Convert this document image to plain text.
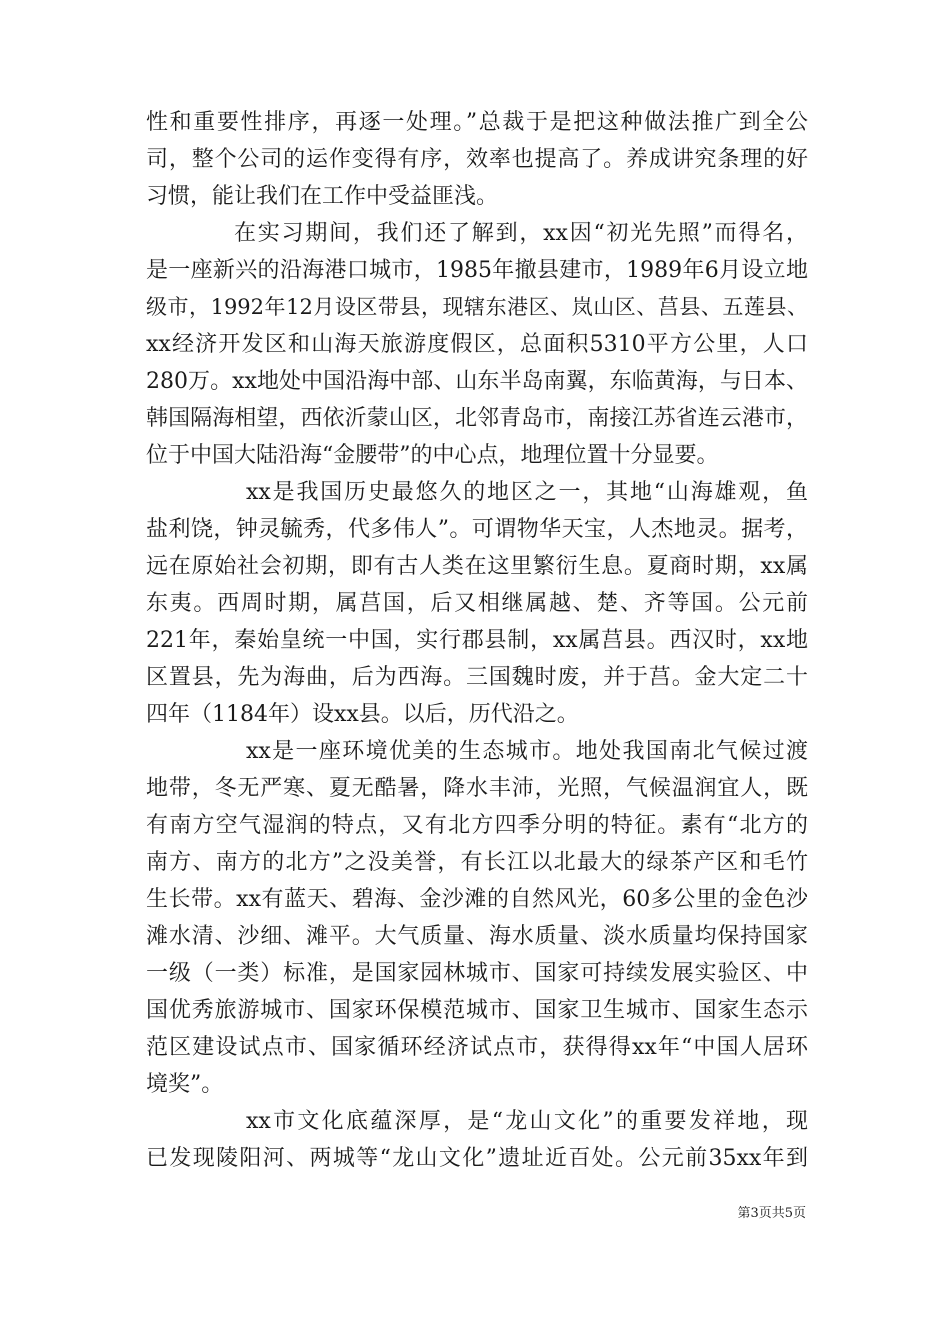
性和重要性排序，再逐一处理。”总裁于是把这种做法推广到全公
司，整个公司的运作变得有序，效率也提高了。养成讲究条理的好
习惯，能让我们在工作中受益匪浅。
在实习期间，我们还了解到，xx因“初光先照”而得名，
是一座新兴的沿海港口城市，1985年撤县建市，1989年6月设立地
级市，1992年12月设区带县，现辖东港区、岚山区、莒县、五莲县、
xx经济开发区和山海天旅游度假区，总面积5310平方公里，人口
280万。xx地处中国沿海中部、山东半岛南翼，东临黄海，与日本、
韩国隔海相望，西依沂蒙山区，北邻青岛市，南接江苏省连云港市，
位于中国大陆沿海“金腰带”的中心点，地理位置十分显要。
xx是我国历史最悠久的地区之一，其地“山海雄观，鱼
盐利饶，钟灵毓秀，代多伟人”。可谓物华天宝，人杰地灵。据考，
远在原始社会初期，即有古人类在这里繁衍生息。夏商时期，xx属
东夷。西周时期，属莒国，后又相继属越、楚、齐等国。公元前
221年，秦始皇统一中国，实行郡县制，xx属莒县。西汉时，xx地
区置县，先为海曲，后为西海。三国魏时废，并于莒。金大定二十
四年（1184年）设xx县。以后，历代沿之。
xx是一座环境优美的生态城市。地处我国南北气候过渡
地带，冬无严寒、夏无酷暑，降水丰沛，光照，气候温润宜人，既
有南方空气湿润的特点，又有北方四季分明的特征。素有“北方的
南方、南方的北方”之没美誉，有长江以北最大的绿茶产区和毛竹
生长带。xx有蓝天、碧海、金沙滩的自然风光，60多公里的金色沙
滩水清、沙细、滩平。大气质量、海水质量、淡水质量均保持国家
一级（一类）标准，是国家园林城市、国家可持续发展实验区、中
国优秀旅游城市、国家环保模范城市、国家卫生城市、国家生态示
范区建设试点市、国家循环经济试点市，获得得xx年“中国人居环
境奖”。
xx市文化底蕴深厚，是“龙山文化”的重要发祥地，现
已发现陵阳河、两城等“龙山文化”遗址近百处。公元前35xx年到
第3页共5页
